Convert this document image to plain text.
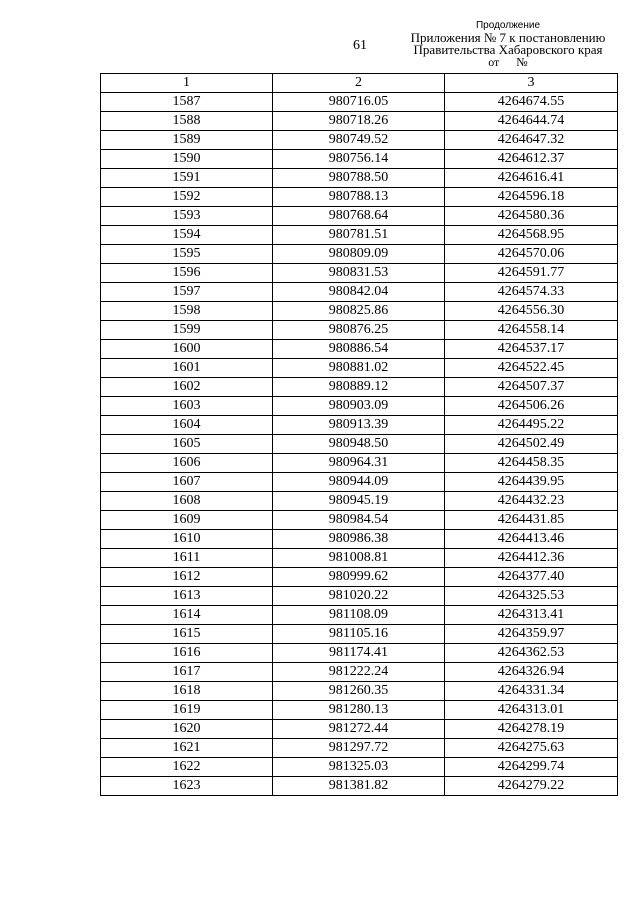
61
Продолжение
Приложения № 7 к постановлению
Правительства Хабаровского края
от №
1	2	3
1587	980716.05	4264674.55
1588	980718.26	4264644.74
1589	980749.52	4264647.32
1590	980756.14	4264612.37
1591	980788.50	4264616.41
1592	980788.13	4264596.18
1593	980768.64	4264580.36
1594	980781.51	4264568.95
1595	980809.09	4264570.06
1596	980831.53	4264591.77
1597	980842.04	4264574.33
1598	980825.86	4264556.30
1599	980876.25	4264558.14
1600	980886.54	4264537.17
1601	980881.02	4264522.45
1602	980889.12	4264507.37
1603	980903.09	4264506.26
1604	980913.39	4264495.22
1605	980948.50	4264502.49
1606	980964.31	4264458.35
1607	980944.09	4264439.95
1608	980945.19	4264432.23
1609	980984.54	4264431.85
1610	980986.38	4264413.46
1611	981008.81	4264412.36
1612	980999.62	4264377.40
1613	981020.22	4264325.53
1614	981108.09	4264313.41
1615	981105.16	4264359.97
1616	981174.41	4264362.53
1617	981222.24	4264326.94
1618	981260.35	4264331.34
1619	981280.13	4264313.01
1620	981272.44	4264278.19
1621	981297.72	4264275.63
1622	981325.03	4264299.74
1623	981381.82	4264279.22
